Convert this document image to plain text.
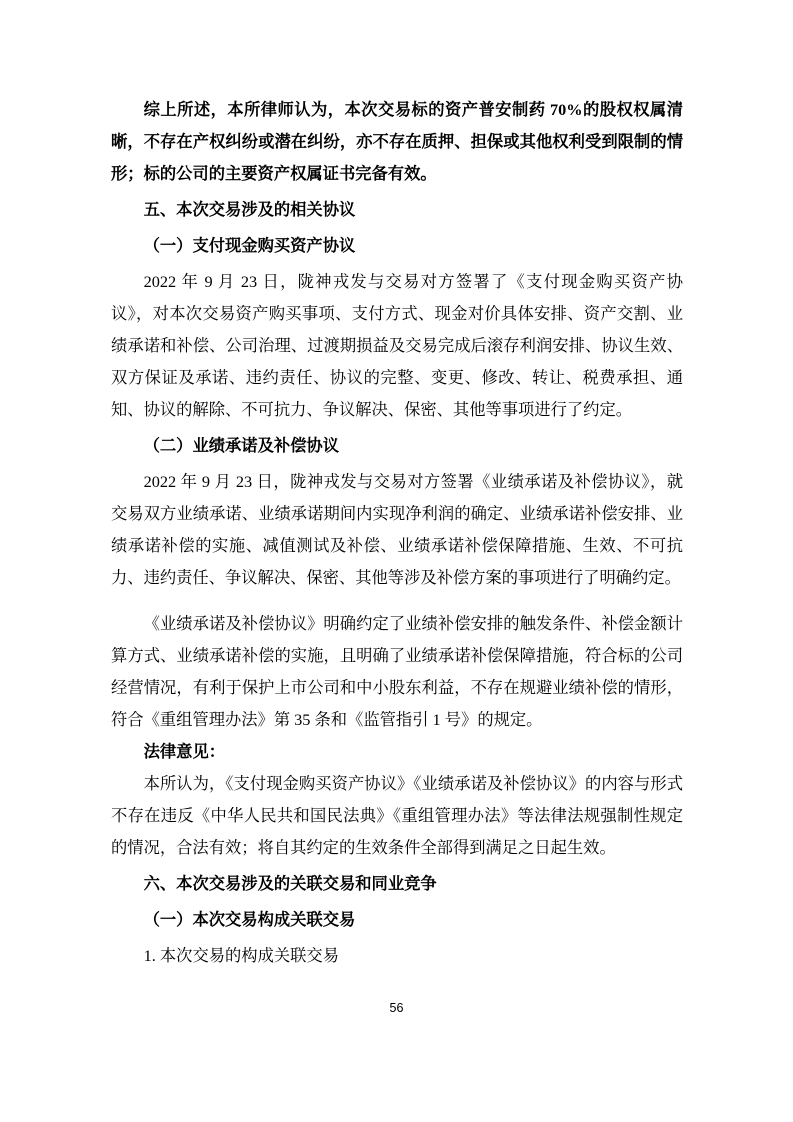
综上所述，本所律师认为，本次交易标的资产普安制药 70%的股权权属清晰，不存在产权纠纷或潜在纠纷，亦不存在质押、担保或其他权利受到限制的情形；标的公司的主要资产权属证书完备有效。

五、本次交易涉及的相关协议

（一）支付现金购买资产协议

2022 年 9 月 23 日，陇神戎发与交易对方签署了《支付现金购买资产协议》，对本次交易资产购买事项、支付方式、现金对价具体安排、资产交割、业绩承诺和补偿、公司治理、过渡期损益及交易完成后滚存利润安排、协议生效、双方保证及承诺、违约责任、协议的完整、变更、修改、转让、税费承担、通知、协议的解除、不可抗力、争议解决、保密、其他等事项进行了约定。

（二）业绩承诺及补偿协议

2022 年 9 月 23 日，陇神戎发与交易对方签署《业绩承诺及补偿协议》，就交易双方业绩承诺、业绩承诺期间内实现净利润的确定、业绩承诺补偿安排、业绩承诺补偿的实施、减值测试及补偿、业绩承诺补偿保障措施、生效、不可抗力、违约责任、争议解决、保密、其他等涉及补偿方案的事项进行了明确约定。

《业绩承诺及补偿协议》明确约定了业绩补偿安排的触发条件、补偿金额计算方式、业绩承诺补偿的实施，且明确了业绩承诺补偿保障措施，符合标的公司经营情况，有利于保护上市公司和中小股东利益，不存在规避业绩补偿的情形，符合《重组管理办法》第 35 条和《监管指引 1 号》的规定。

法律意见：

本所认为，《支付现金购买资产协议》《业绩承诺及补偿协议》的内容与形式不存在违反《中华人民共和国民法典》《重组管理办法》等法律法规强制性规定的情况，合法有效；将自其约定的生效条件全部得到满足之日起生效。

六、本次交易涉及的关联交易和同业竞争

（一）本次交易构成关联交易

1. 本次交易的构成关联交易

56
